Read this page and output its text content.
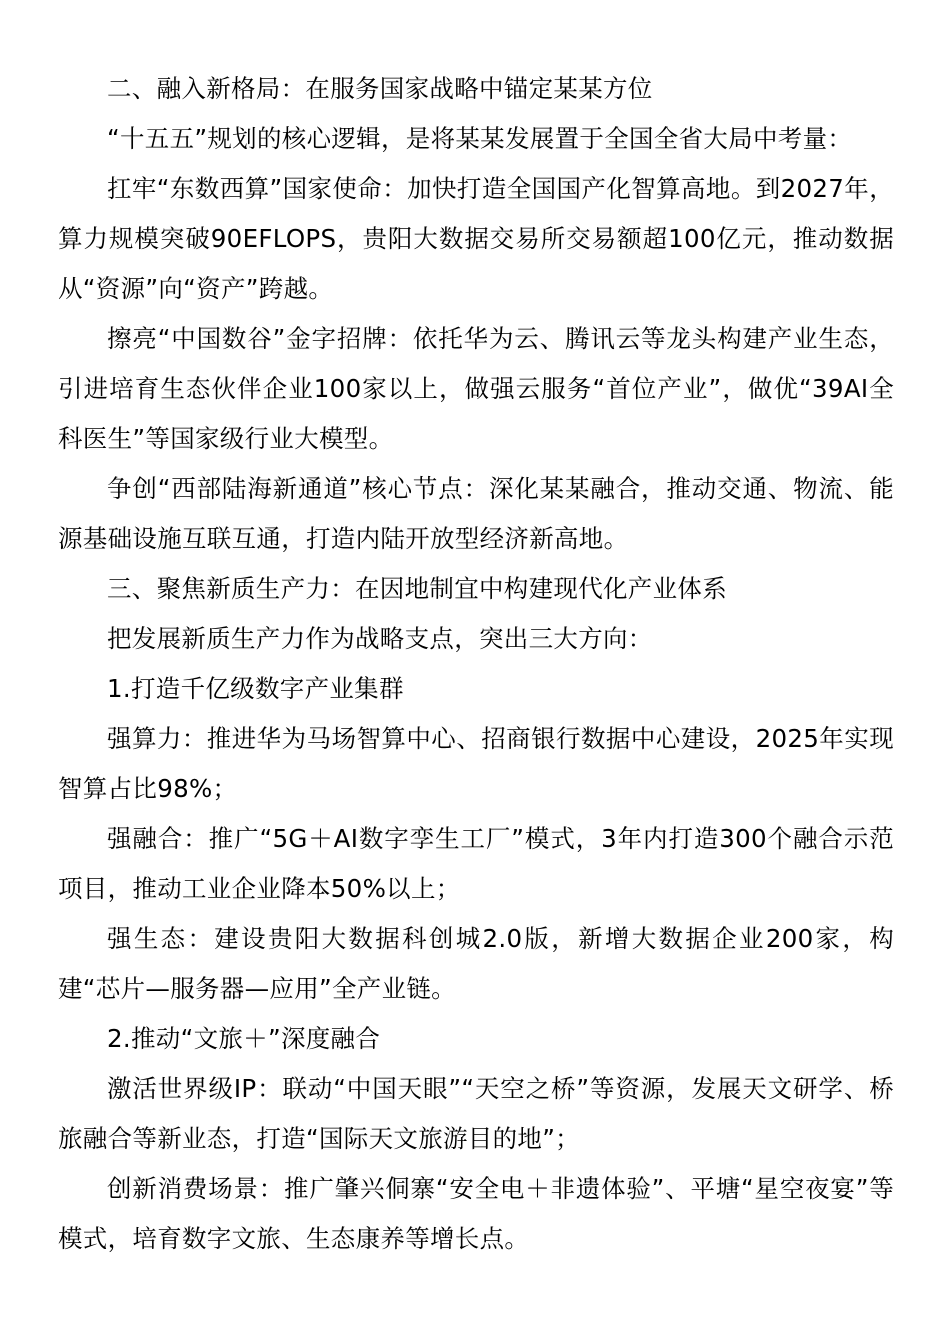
二、融入新格局：在服务国家战略中锚定某某方位

“十五五”规划的核心逻辑，是将某某发展置于全国全省大局中考量：

扛牢“东数西算”国家使命：加快打造全国国产化智算高地。到2027年，算力规模突破90EFLOPS，贵阳大数据交易所交易额超100亿元，推动数据从“资源”向“资产”跨越。

擦亮“中国数谷”金字招牌：依托华为云、腾讯云等龙头构建产业生态，引进培育生态伙伴企业100家以上，做强云服务“首位产业”，做优“39AI全科医生”等国家级行业大模型。

争创“西部陆海新通道”核心节点：深化某某融合，推动交通、物流、能源基础设施互联互通，打造内陆开放型经济新高地。

三、聚焦新质生产力：在因地制宜中构建现代化产业体系

把发展新质生产力作为战略支点，突出三大方向：

1.打造千亿级数字产业集群

强算力：推进华为马场智算中心、招商银行数据中心建设，2025年实现智算占比98%；

强融合：推广“5G＋AI数字孪生工厂”模式，3年内打造300个融合示范项目，推动工业企业降本50%以上；

强生态：建设贵阳大数据科创城2.0版，新增大数据企业200家，构建“芯片—服务器—应用”全产业链。

2.推动“文旅＋”深度融合

激活世界级IP：联动“中国天眼”“天空之桥”等资源，发展天文研学、桥旅融合等新业态，打造“国际天文旅游目的地”；

创新消费场景：推广肇兴侗寨“安全电＋非遗体验”、平塘“星空夜宴”等模式，培育数字文旅、生态康养等增长点。
